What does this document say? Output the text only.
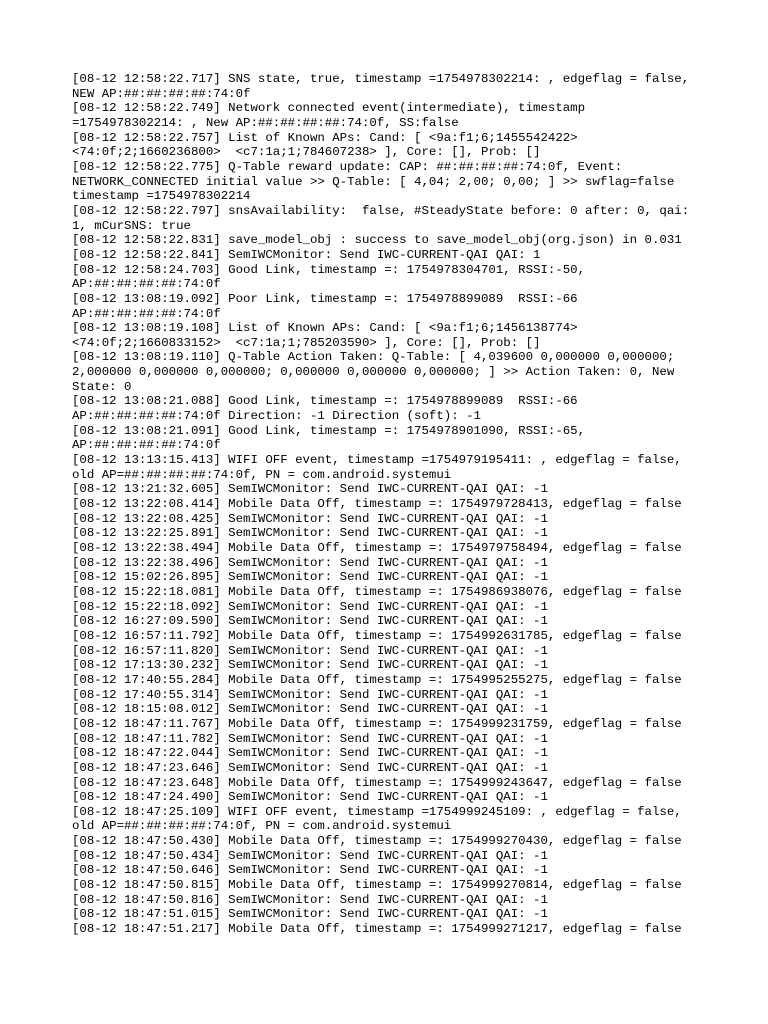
[08-12 12:58:22.717] SNS state, true, timestamp =1754978302214: , edgeflag = false,
NEW AP:##:##:##:##:74:0f
[08-12 12:58:22.749] Network connected event(intermediate), timestamp
=1754978302214: , New AP:##:##:##:##:74:0f, SS:false
[08-12 12:58:22.757] List of Known APs: Cand: [ <9a:f1;6;1455542422>
<74:0f;2;1660236800>  <c7:1a;1;784607238> ], Core: [], Prob: []
[08-12 12:58:22.775] Q-Table reward update: CAP: ##:##:##:##:74:0f, Event:
NETWORK_CONNECTED initial value >> Q-Table: [ 4,04; 2,00; 0,00; ] >> swflag=false
timestamp =1754978302214
[08-12 12:58:22.797] snsAvailability:  false, #SteadyState before: 0 after: 0, qai:
1, mCurSNS: true
[08-12 12:58:22.831] save_model_obj : success to save_model_obj(org.json) in 0.031
[08-12 12:58:22.841] SemIWCMonitor: Send IWC-CURRENT-QAI QAI: 1
[08-12 12:58:24.703] Good Link, timestamp =: 1754978304701, RSSI:-50,
AP:##:##:##:##:74:0f
[08-12 13:08:19.092] Poor Link, timestamp =: 1754978899089  RSSI:-66
AP:##:##:##:##:74:0f
[08-12 13:08:19.108] List of Known APs: Cand: [ <9a:f1;6;1456138774>
<74:0f;2;1660833152>  <c7:1a;1;785203590> ], Core: [], Prob: []
[08-12 13:08:19.110] Q-Table Action Taken: Q-Table: [ 4,039600 0,000000 0,000000;
2,000000 0,000000 0,000000; 0,000000 0,000000 0,000000; ] >> Action Taken: 0, New
State: 0
[08-12 13:08:21.088] Good Link, timestamp =: 1754978899089  RSSI:-66
AP:##:##:##:##:74:0f Direction: -1 Direction (soft): -1
[08-12 13:08:21.091] Good Link, timestamp =: 1754978901090, RSSI:-65,
AP:##:##:##:##:74:0f
[08-12 13:13:15.413] WIFI OFF event, timestamp =1754979195411: , edgeflag = false,
old AP=##:##:##:##:74:0f, PN = com.android.systemui
[08-12 13:21:32.605] SemIWCMonitor: Send IWC-CURRENT-QAI QAI: -1
[08-12 13:22:08.414] Mobile Data Off, timestamp =: 1754979728413, edgeflag = false
[08-12 13:22:08.425] SemIWCMonitor: Send IWC-CURRENT-QAI QAI: -1
[08-12 13:22:25.891] SemIWCMonitor: Send IWC-CURRENT-QAI QAI: -1
[08-12 13:22:38.494] Mobile Data Off, timestamp =: 1754979758494, edgeflag = false
[08-12 13:22:38.496] SemIWCMonitor: Send IWC-CURRENT-QAI QAI: -1
[08-12 15:02:26.895] SemIWCMonitor: Send IWC-CURRENT-QAI QAI: -1
[08-12 15:22:18.081] Mobile Data Off, timestamp =: 1754986938076, edgeflag = false
[08-12 15:22:18.092] SemIWCMonitor: Send IWC-CURRENT-QAI QAI: -1
[08-12 16:27:09.590] SemIWCMonitor: Send IWC-CURRENT-QAI QAI: -1
[08-12 16:57:11.792] Mobile Data Off, timestamp =: 1754992631785, edgeflag = false
[08-12 16:57:11.820] SemIWCMonitor: Send IWC-CURRENT-QAI QAI: -1
[08-12 17:13:30.232] SemIWCMonitor: Send IWC-CURRENT-QAI QAI: -1
[08-12 17:40:55.284] Mobile Data Off, timestamp =: 1754995255275, edgeflag = false
[08-12 17:40:55.314] SemIWCMonitor: Send IWC-CURRENT-QAI QAI: -1
[08-12 18:15:08.012] SemIWCMonitor: Send IWC-CURRENT-QAI QAI: -1
[08-12 18:47:11.767] Mobile Data Off, timestamp =: 1754999231759, edgeflag = false
[08-12 18:47:11.782] SemIWCMonitor: Send IWC-CURRENT-QAI QAI: -1
[08-12 18:47:22.044] SemIWCMonitor: Send IWC-CURRENT-QAI QAI: -1
[08-12 18:47:23.646] SemIWCMonitor: Send IWC-CURRENT-QAI QAI: -1
[08-12 18:47:23.648] Mobile Data Off, timestamp =: 1754999243647, edgeflag = false
[08-12 18:47:24.490] SemIWCMonitor: Send IWC-CURRENT-QAI QAI: -1
[08-12 18:47:25.109] WIFI OFF event, timestamp =1754999245109: , edgeflag = false,
old AP=##:##:##:##:74:0f, PN = com.android.systemui
[08-12 18:47:50.430] Mobile Data Off, timestamp =: 1754999270430, edgeflag = false
[08-12 18:47:50.434] SemIWCMonitor: Send IWC-CURRENT-QAI QAI: -1
[08-12 18:47:50.646] SemIWCMonitor: Send IWC-CURRENT-QAI QAI: -1
[08-12 18:47:50.815] Mobile Data Off, timestamp =: 1754999270814, edgeflag = false
[08-12 18:47:50.816] SemIWCMonitor: Send IWC-CURRENT-QAI QAI: -1
[08-12 18:47:51.015] SemIWCMonitor: Send IWC-CURRENT-QAI QAI: -1
[08-12 18:47:51.217] Mobile Data Off, timestamp =: 1754999271217, edgeflag = false
